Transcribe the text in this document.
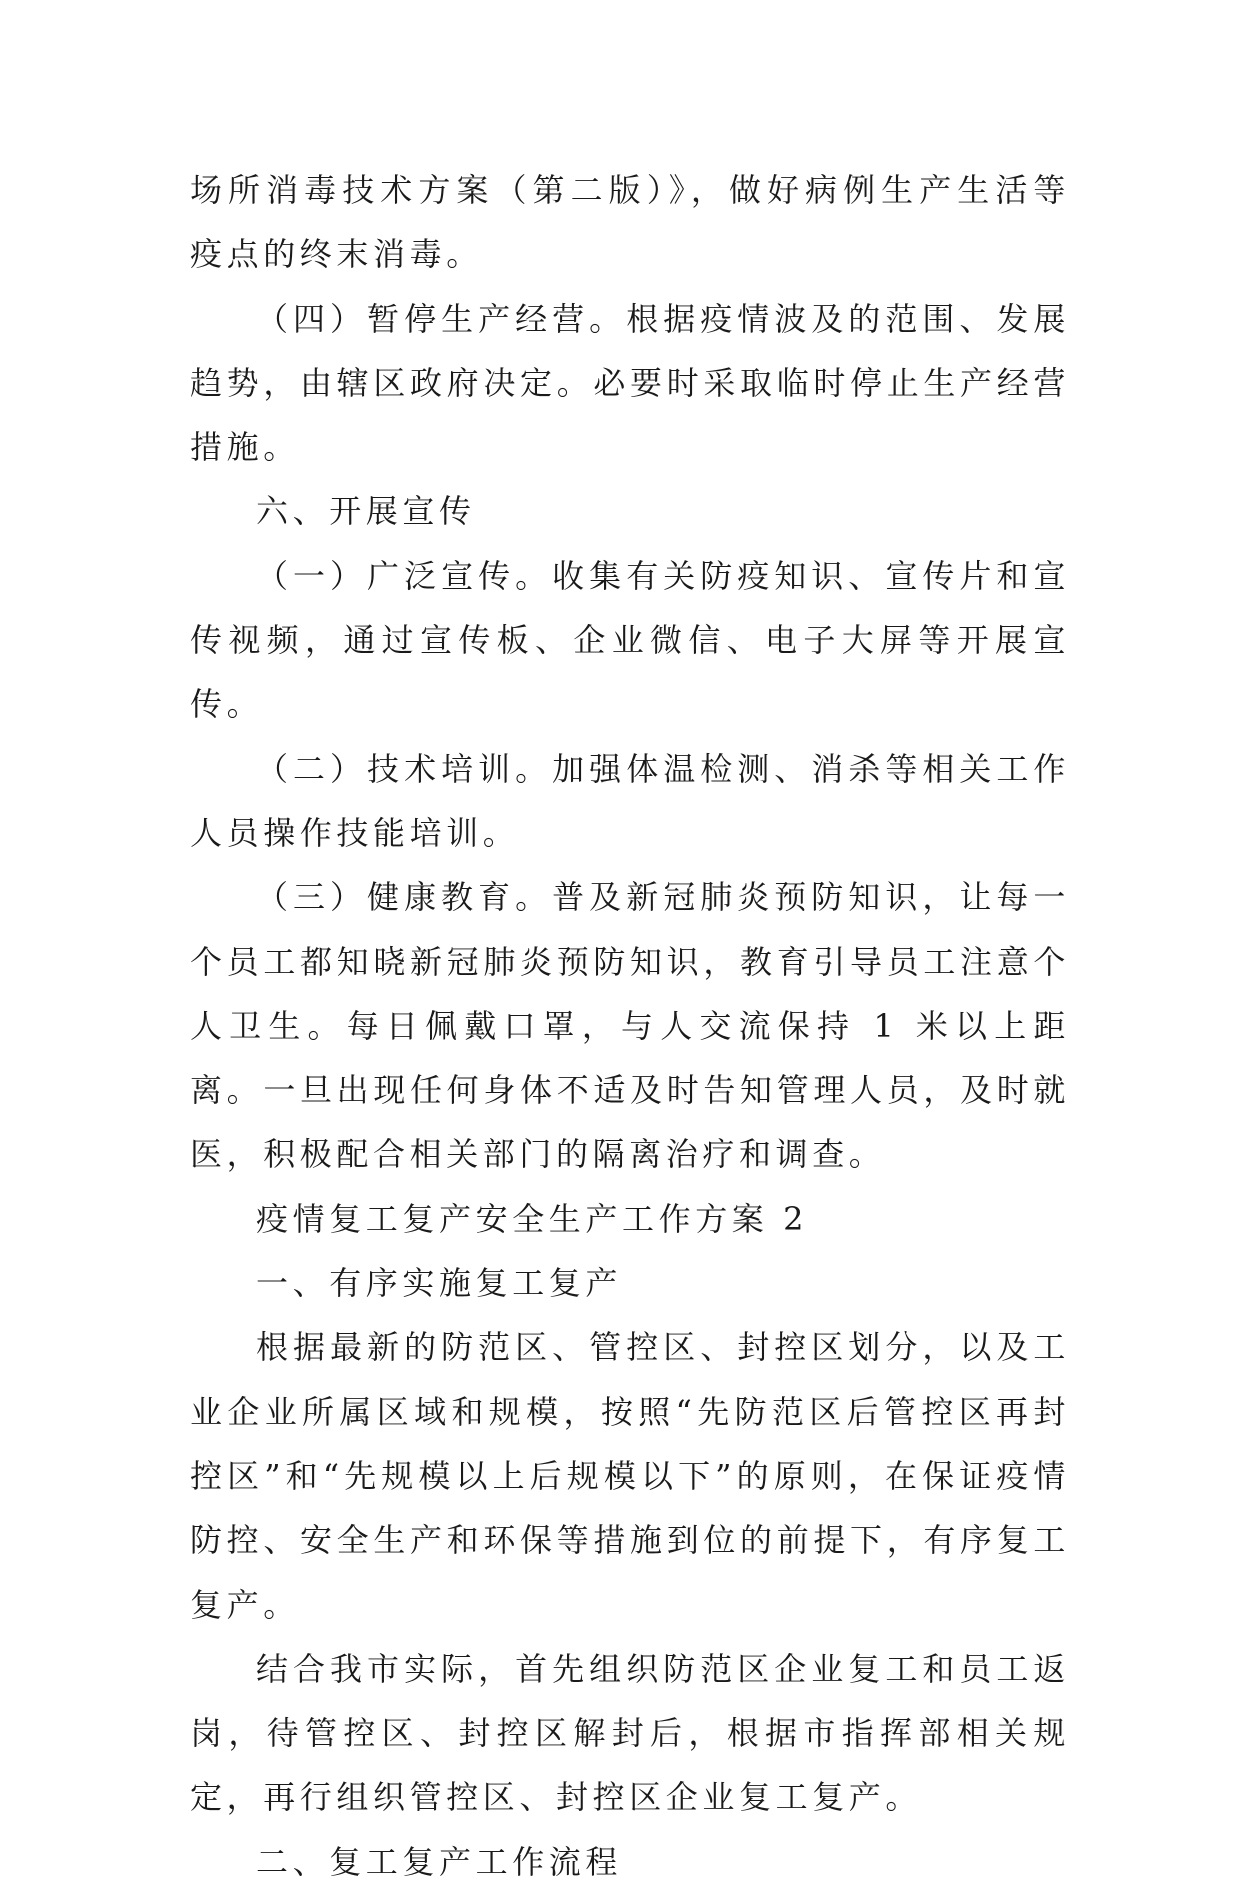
场所消毒技术方案（第二版）》，做好病例生产生活等疫点的终末消毒。

（四）暂停生产经营。根据疫情波及的范围、发展趋势，由辖区政府决定。必要时采取临时停止生产经营措施。

六、开展宣传

（一）广泛宣传。收集有关防疫知识、宣传片和宣传视频，通过宣传板、企业微信、电子大屏等开展宣传。

（二）技术培训。加强体温检测、消杀等相关工作人员操作技能培训。

（三）健康教育。普及新冠肺炎预防知识，让每一个员工都知晓新冠肺炎预防知识，教育引导员工注意个人卫生。每日佩戴口罩，与人交流保持 1 米以上距离。一旦出现任何身体不适及时告知管理人员，及时就医，积极配合相关部门的隔离治疗和调查。

疫情复工复产安全生产工作方案 2

一、有序实施复工复产

根据最新的防范区、管控区、封控区划分，以及工业企业所属区域和规模，按照“先防范区后管控区再封控区”和“先规模以上后规模以下”的原则，在保证疫情防控、安全生产和环保等措施到位的前提下，有序复工复产。

结合我市实际，首先组织防范区企业复工和员工返岗，待管控区、封控区解封后，根据市指挥部相关规定，再行组织管控区、封控区企业复工复产。

二、复工复产工作流程
